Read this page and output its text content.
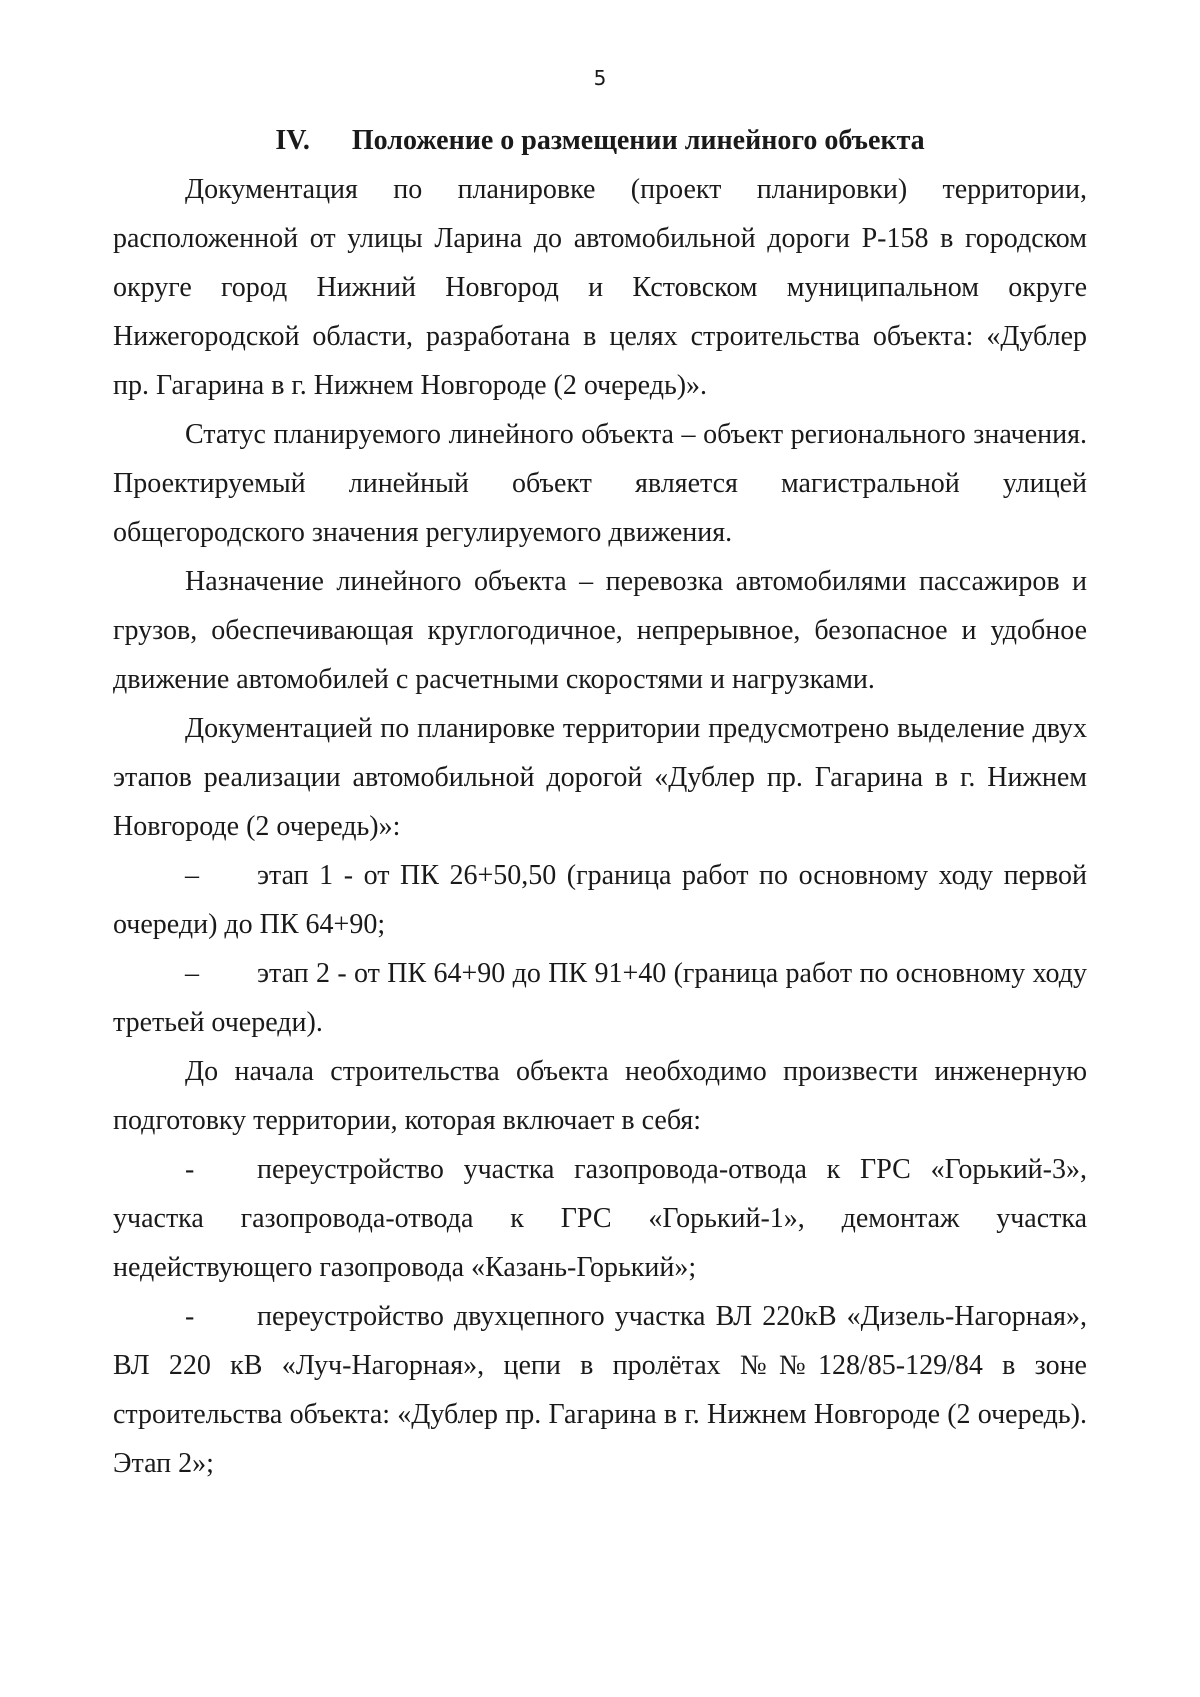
5

IV. Положение о размещении линейного объекта

Документация по планировке (проект планировки) территории, расположенной от улицы Ларина до автомобильной дороги Р-158 в городском округе город Нижний Новгород и Кстовском муниципальном округе Нижегородской области, разработана в целях строительства объекта: «Дублер пр. Гагарина в г. Нижнем Новгороде (2 очередь)».

Статус планируемого линейного объекта – объект регионального значения. Проектируемый линейный объект является магистральной улицей общегородского значения регулируемого движения.

Назначение линейного объекта – перевозка автомобилями пассажиров и грузов, обеспечивающая круглогодичное, непрерывное, безопасное и удобное движение автомобилей с расчетными скоростями и нагрузками.

Документацией по планировке территории предусмотрено выделение двух этапов реализации автомобильной дорогой «Дублер пр. Гагарина в г. Нижнем Новгороде (2 очередь)»:

– этап 1 - от ПК 26+50,50 (граница работ по основному ходу первой очереди) до ПК 64+90;

– этап 2 - от ПК 64+90 до ПК 91+40 (граница работ по основному ходу третьей очереди).

До начала строительства объекта необходимо произвести инженерную подготовку территории, которая включает в себя:

- переустройство участка газопровода-отвода к ГРС «Горький-3», участка газопровода-отвода к ГРС «Горький-1», демонтаж участка недействующего газопровода «Казань-Горький»;

- переустройство двухцепного участка ВЛ 220кВ «Дизель-Нагорная», ВЛ 220 кВ «Луч-Нагорная», цепи в пролётах №№128/85-129/84 в зоне строительства объекта: «Дублер пр. Гагарина в г. Нижнем Новгороде (2 очередь). Этап 2»;
